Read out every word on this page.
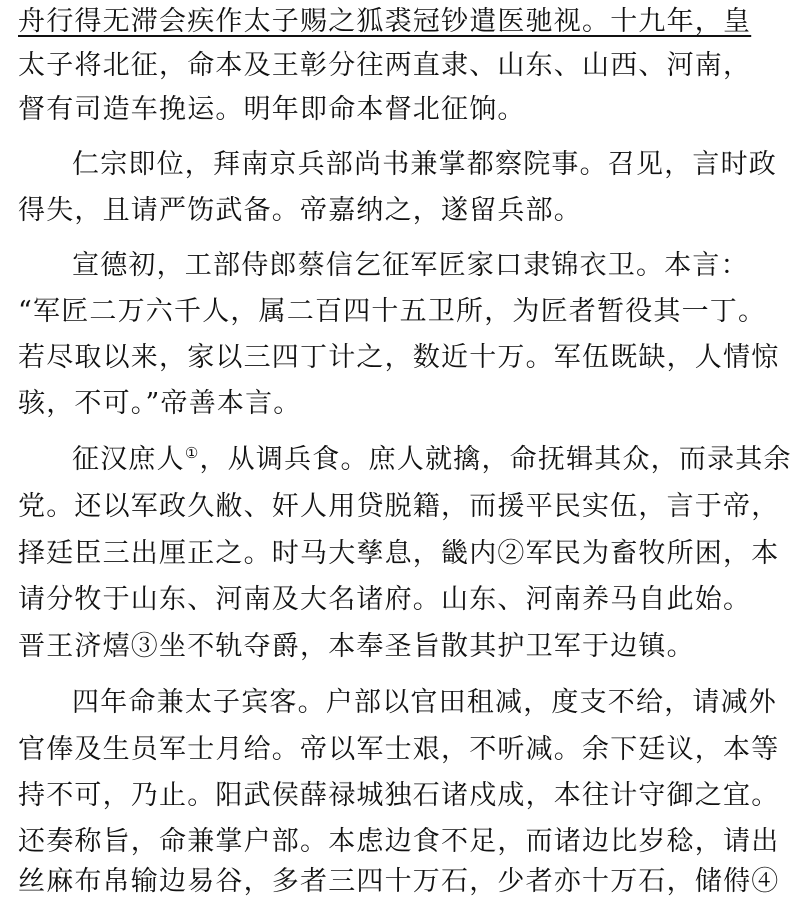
舟行得无滞会疾作太子赐之狐裘冠钞遣医驰视。十九年，皇
太子将北征，命本及王彰分往两直隶、山东、山西、河南，
督有司造车挽运。明年即命本督北征饷。
仁宗即位，拜南京兵部尚书兼掌都察院事。召见，言时政
得失，且请严饬武备。帝嘉纳之，遂留兵部。
宣德初，工部侍郎蔡信乞征军匠家口隶锦衣卫。本言：
“军匠二万六千人，属二百四十五卫所，为匠者暂役其一丁。
若尽取以来，家以三四丁计之，数近十万。军伍既缺，人情惊
骇，不可。”帝善本言。
征汉庶人①，从调兵食。庶人就擒，命抚辑其众，而录其余
党。还以军政久敝、奸人用贷脱籍，而援平民实伍，言于帝，
择廷臣三出厘正之。时马大孳息，畿内②军民为畜牧所困，本
请分牧于山东、河南及大名诸府。山东、河南养马自此始。
晋王济熺③坐不轨夺爵，本奉圣旨散其护卫军于边镇。
四年命兼太子宾客。户部以官田租减，度支不给，请减外
官俸及生员军士月给。帝以军士艰，不听减。余下廷议，本等
持不可，乃止。阳武侯薛禄城独石诸戍成，本往计守御之宜。
还奏称旨，命兼掌户部。本虑边食不足，而诸边比岁稔，请出
丝麻布帛输边易谷，多者三四十万石，少者亦十万石，储偫④
